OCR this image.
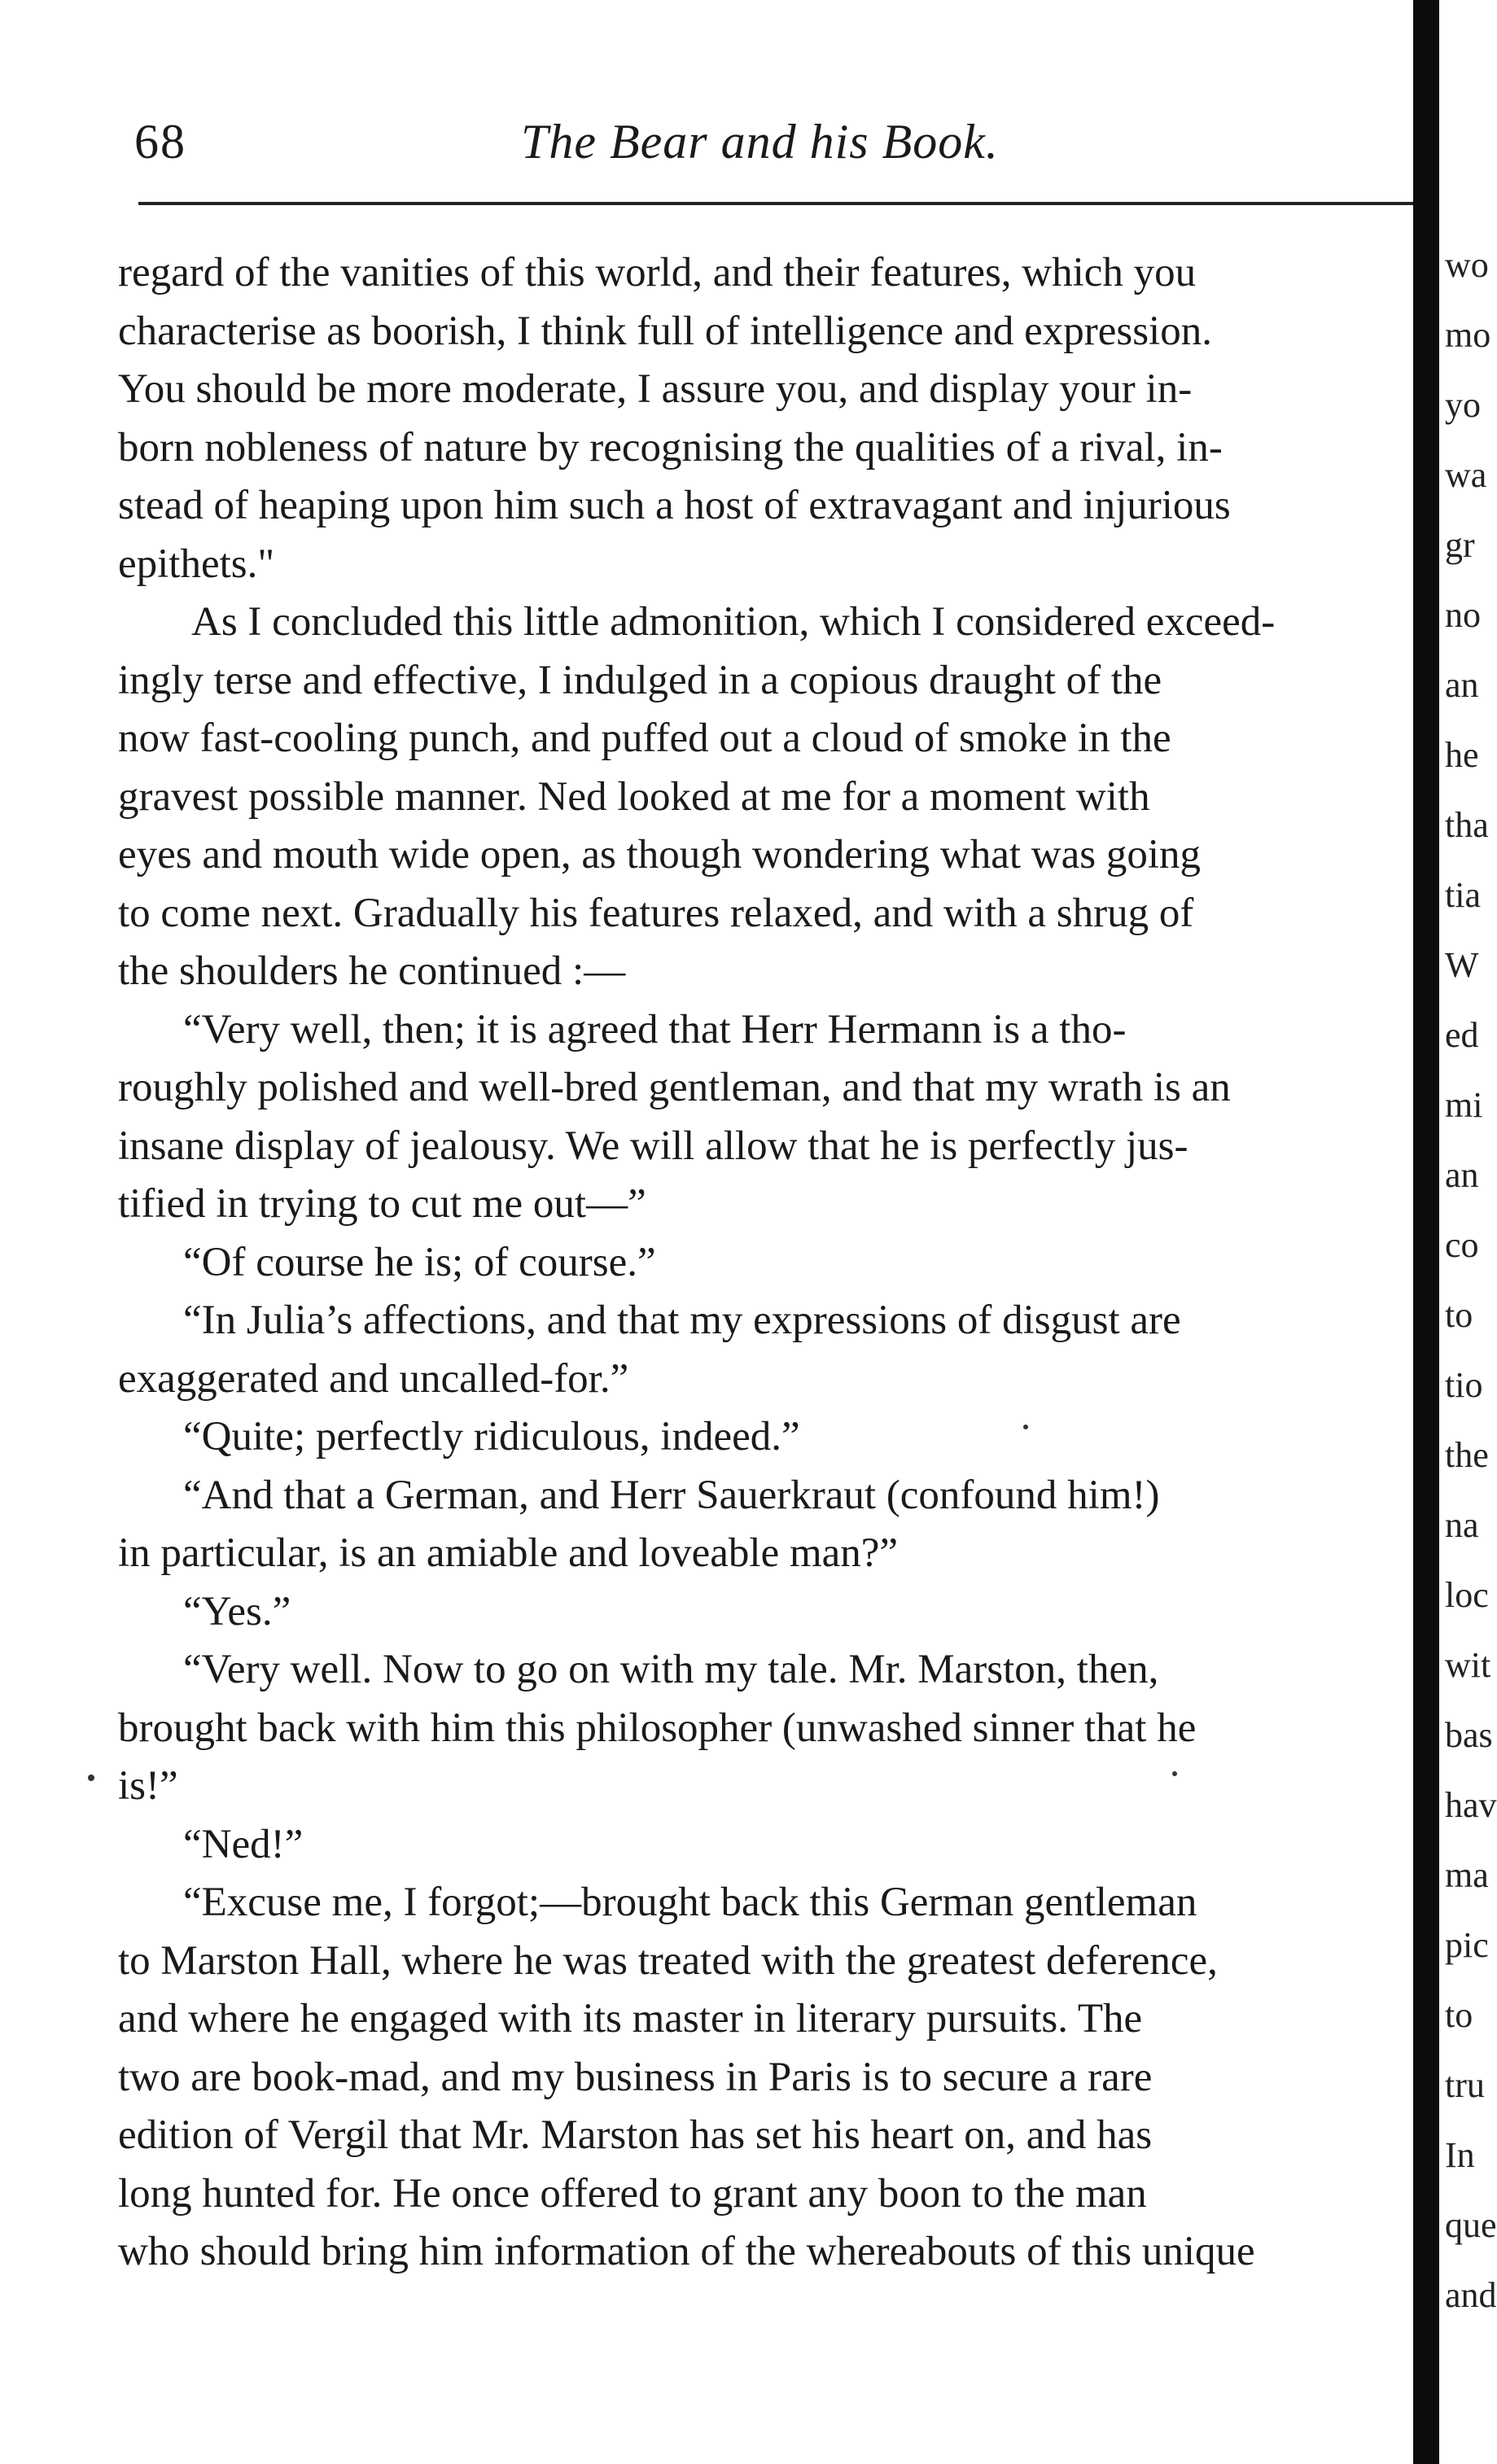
68	The Bear and his Book.
regard of the vanities of this world, and their features, which you
characterise as boorish, I think full of intelligence and expression.
You should be more moderate, I assure you, and display your in-
born nobleness of nature by recognising the qualities of a rival, in-
stead of heaping upon him such a host of extravagant and injurious
epithets."
As I concluded this little admonition, which I considered exceed-
ingly terse and effective, I indulged in a copious draught of the
now fast-cooling punch, and puffed out a cloud of smoke in the
gravest possible manner. Ned looked at me for a moment with
eyes and mouth wide open, as though wondering what was going
to come next. Gradually his features relaxed, and with a shrug of
the shoulders he continued :—
“Very well, then; it is agreed that Herr Hermann is a tho-
roughly polished and well-bred gentleman, and that my wrath is an
insane display of jealousy. We will allow that he is perfectly jus-
tified in trying to cut me out—”
“Of course he is; of course.”
“In Julia’s affections, and that my expressions of disgust are
exaggerated and uncalled-for.”
“Quite; perfectly ridiculous, indeed.”
“And that a German, and Herr Sauerkraut (confound him!)
in particular, is an amiable and loveable man?”
“Yes.”
“Very well. Now to go on with my tale. Mr. Marston, then,
brought back with him this philosopher (unwashed sinner that he
is!”
“Ned!”
“Excuse me, I forgot;—brought back this German gentleman
to Marston Hall, where he was treated with the greatest deference,
and where he engaged with its master in literary pursuits. The
two are book-mad, and my business in Paris is to secure a rare
edition of Vergil that Mr. Marston has set his heart on, and has
long hunted for. He once offered to grant any boon to the man
who should bring him information of the whereabouts of this unique
wo
mo
yo
wa
gr
no
an
he
tha
tia
W
ed
mi
an
co
to
tio
the
na
loc
wit
bas
hav
ma
pic
to
tru
In
que
and
